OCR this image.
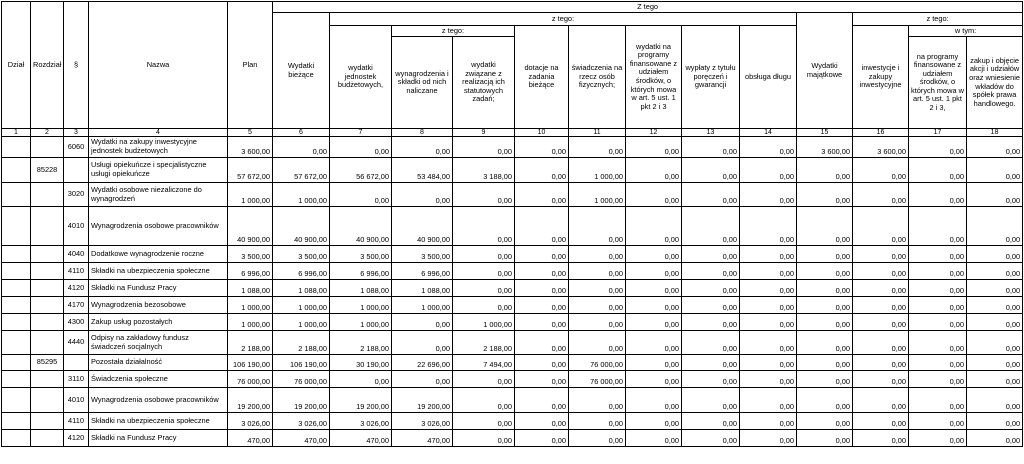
Dział	Rozdział	§	Nazwa	Plan	Z tego												
					Wydatki bieżące	z tego:								Wydatki majątkowe	z tego:		
						wydatki jednostek budżetowych,	z tego:		dotacje na zadania bieżące	świadczenia na rzecz osób fizycznych;	wydatki na programy finansowane z udziałem środków, o których mowa w art. 5 ust. 1 pkt 2 i 3	wypłaty z tytułu poręczeń i gwarancji	obsługa długu		inwestycje i zakupy inwestycyjne	w tym:	
							wynagrodzenia i składki od nich naliczane	wydatki związane z realizacją ich statutowych zadań;								na programy finansowane z udziałem środków, o których mowa w art. 5 ust. 1 pkt 2 i 3,	zakup i objęcie akcji i udziałów oraz wniesienie wkładów do spółek prawa handlowego.
1	2	3	4	5	6	7	8	9	10	11	12	13	14	15	16	17	18
		6060	Wydatki na zakupy inwestycyjne jednostek budżetowych	3 600,00	0,00	0,00	0,00	0,00	0,00	0,00	0,00	0,00	0,00	3 600,00	3 600,00	0,00	0,00
	85228		Usługi opiekuńcze i specjalistyczne usługi opiekuńcze	57 672,00	57 672,00	56 672,00	53 484,00	3 188,00	0,00	1 000,00	0,00	0,00	0,00	0,00	0,00	0,00	0,00
		3020	Wydatki osobowe niezaliczone do wynagrodzeń	1 000,00	1 000,00	0,00	0,00	0,00	0,00	1 000,00	0,00	0,00	0,00	0,00	0,00	0,00	0,00
		4010	Wynagrodzenia osobowe pracowników	40 900,00	40 900,00	40 900,00	40 900,00	0,00	0,00	0,00	0,00	0,00	0,00	0,00	0,00	0,00	0,00
		4040	Dodatkowe wynagrodzenie roczne	3 500,00	3 500,00	3 500,00	3 500,00	0,00	0,00	0,00	0,00	0,00	0,00	0,00	0,00	0,00	0,00
		4110	Składki na ubezpieczenia społeczne	6 996,00	6 996,00	6 996,00	6 996,00	0,00	0,00	0,00	0,00	0,00	0,00	0,00	0,00	0,00	0,00
		4120	Składki na Fundusz Pracy	1 088,00	1 088,00	1 088,00	1 088,00	0,00	0,00	0,00	0,00	0,00	0,00	0,00	0,00	0,00	0,00
		4170	Wynagrodzenia bezosobowe	1 000,00	1 000,00	1 000,00	1 000,00	0,00	0,00	0,00	0,00	0,00	0,00	0,00	0,00	0,00	0,00
		4300	Zakup usług pozostałych	1 000,00	1 000,00	1 000,00	0,00	1 000,00	0,00	0,00	0,00	0,00	0,00	0,00	0,00	0,00	0,00
		4440	Odpisy na zakładowy fundusz świadczeń socjalnych	2 188,00	2 188,00	2 188,00	0,00	2 188,00	0,00	0,00	0,00	0,00	0,00	0,00	0,00	0,00	0,00
	85295		Pozostała działalność	106 190,00	106 190,00	30 190,00	22 696,00	7 494,00	0,00	76 000,00	0,00	0,00	0,00	0,00	0,00	0,00	0,00
		3110	Świadczenia społeczne	76 000,00	76 000,00	0,00	0,00	0,00	0,00	76 000,00	0,00	0,00	0,00	0,00	0,00	0,00	0,00
		4010	Wynagrodzenia osobowe pracowników	19 200,00	19 200,00	19 200,00	19 200,00	0,00	0,00	0,00	0,00	0,00	0,00	0,00	0,00	0,00	0,00
		4110	Składki na ubezpieczenia społeczne	3 026,00	3 026,00	3 026,00	3 026,00	0,00	0,00	0,00	0,00	0,00	0,00	0,00	0,00	0,00	0,00
		4120	Składki na Fundusz Pracy	470,00	470,00	470,00	470,00	0,00	0,00	0,00	0,00	0,00	0,00	0,00	0,00	0,00	0,00
